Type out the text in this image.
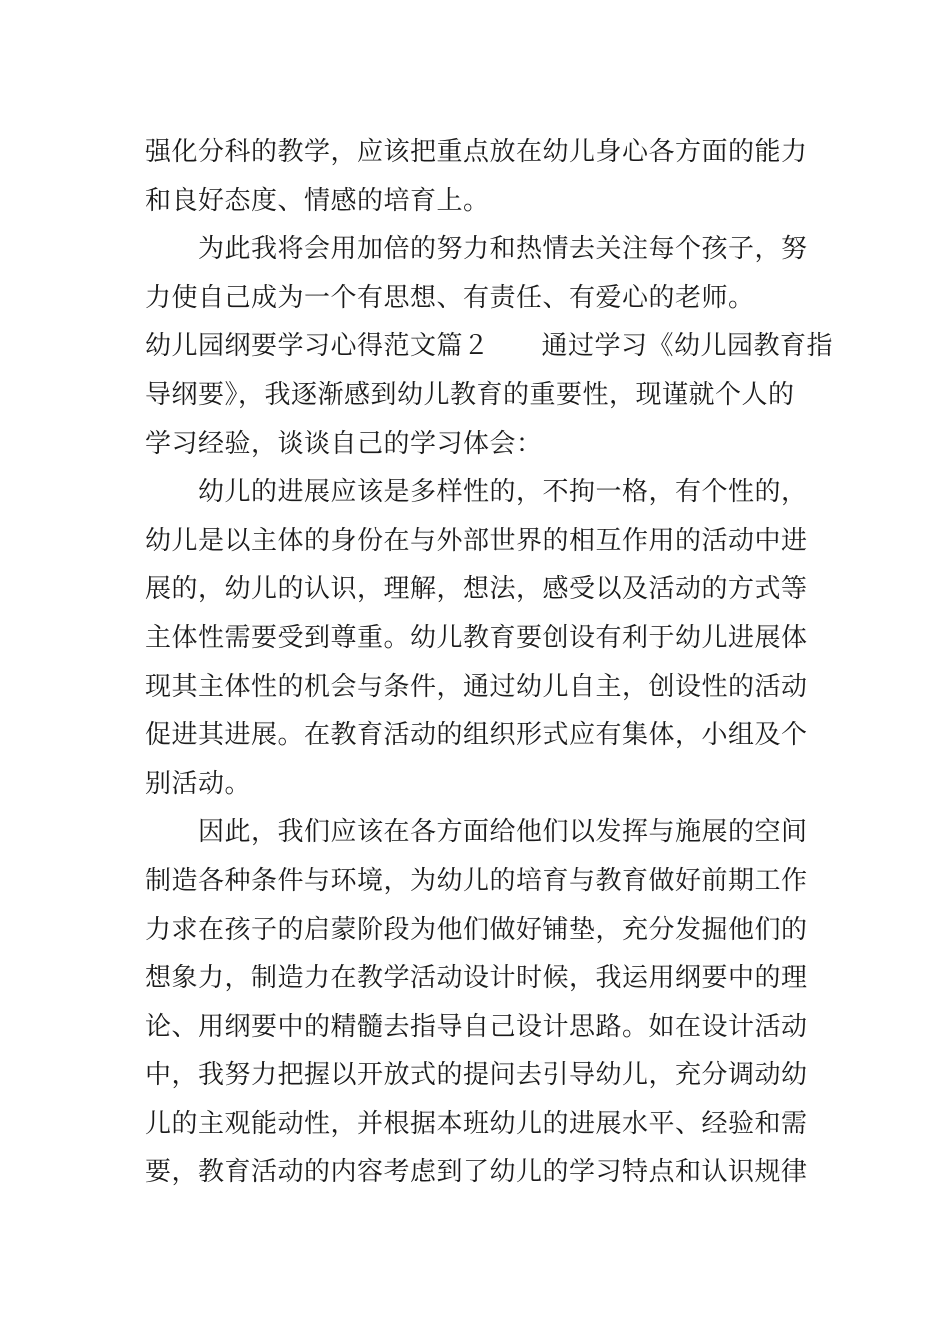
强化分科的教学，应该把重点放在幼儿身心各方面的能力
和良好态度、情感的培育上。
为此我将会用加倍的努力和热情去关注每个孩子，努
力使自己成为一个有思想、有责任、有爱心的老师。
幼儿园纲要学习心得范文篇２ 通过学习《幼儿园教育指
导纲要》，我逐渐感到幼儿教育的重要性，现谨就个人的
学习经验，谈谈自己的学习体会：
幼儿的进展应该是多样性的，不拘一格，有个性的，
幼儿是以主体的身份在与外部世界的相互作用的活动中进
展的，幼儿的认识，理解，想法，感受以及活动的方式等
主体性需要受到尊重。幼儿教育要创设有利于幼儿进展体
现其主体性的机会与条件，通过幼儿自主，创设性的活动
促进其进展。在教育活动的组织形式应有集体，小组及个
别活动。
因此，我们应该在各方面给他们以发挥与施展的空间
制造各种条件与环境，为幼儿的培育与教育做好前期工作
力求在孩子的启蒙阶段为他们做好铺垫，充分发掘他们的
想象力，制造力在教学活动设计时候，我运用纲要中的理
论、用纲要中的精髓去指导自己设计思路。如在设计活动
中，我努力把握以开放式的提问去引导幼儿，充分调动幼
儿的主观能动性，并根据本班幼儿的进展水平、经验和需
要，教育活动的内容考虑到了幼儿的学习特点和认识规律
